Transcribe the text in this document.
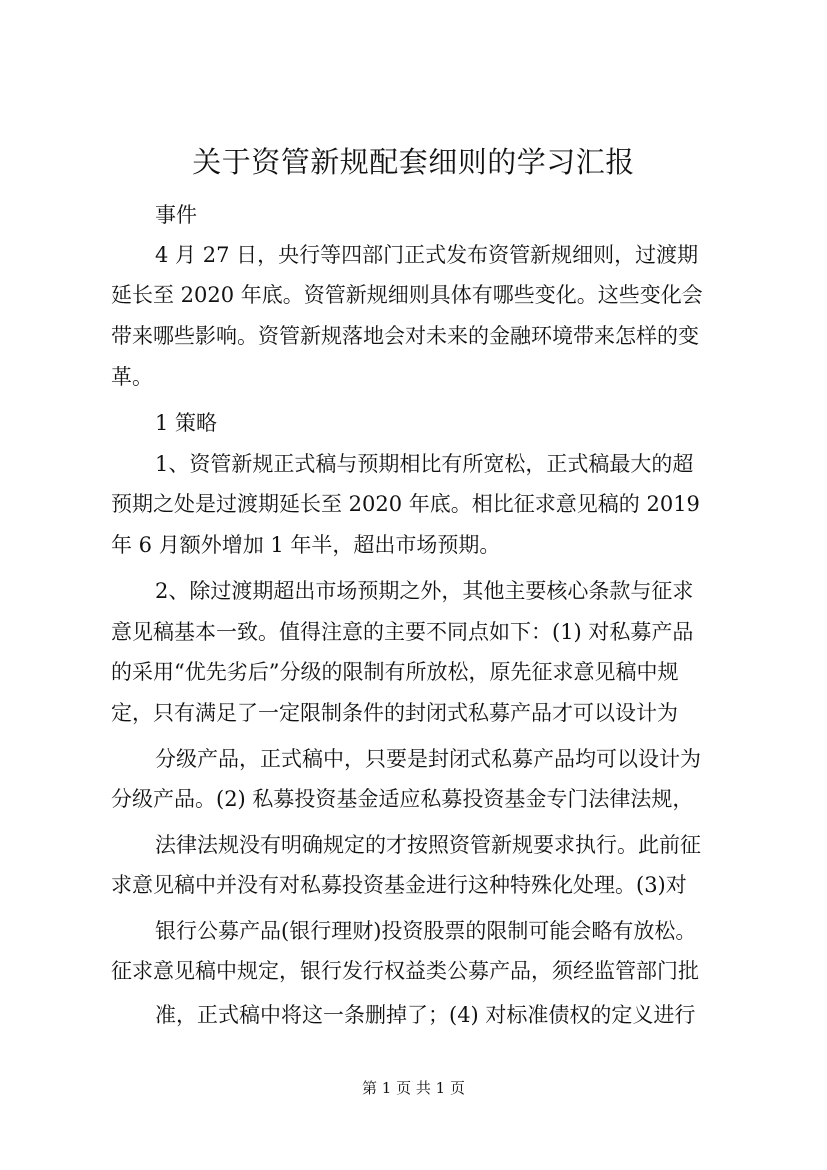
关于资管新规配套细则的学习汇报
事件
4 月 27 日，央行等四部门正式发布资管新规细则，过渡期
延长至 2020 年底。资管新规细则具体有哪些变化。这些变化会
带来哪些影响。资管新规落地会对未来的金融环境带来怎样的变
革。
1 策略
1、资管新规正式稿与预期相比有所宽松，正式稿最大的超
预期之处是过渡期延长至 2020 年底。相比征求意见稿的 2019
年 6 月额外增加 1 年半，超出市场预期。
2、除过渡期超出市场预期之外，其他主要核心条款与征求
意见稿基本一致。值得注意的主要不同点如下：(1) 对私募产品
的采用“优先劣后”分级的限制有所放松，原先征求意见稿中规
定，只有满足了一定限制条件的封闭式私募产品才可以设计为
分级产品，正式稿中，只要是封闭式私募产品均可以设计为
分级产品。(2) 私募投资基金适应私募投资基金专门法律法规，
法律法规没有明确规定的才按照资管新规要求执行。此前征
求意见稿中并没有对私募投资基金进行这种特殊化处理。(3)对
银行公募产品(银行理财)投资股票的限制可能会略有放松。
征求意见稿中规定，银行发行权益类公募产品，须经监管部门批
准，正式稿中将这一条删掉了；(4) 对标准债权的定义进行
第 1 页 共 1 页
